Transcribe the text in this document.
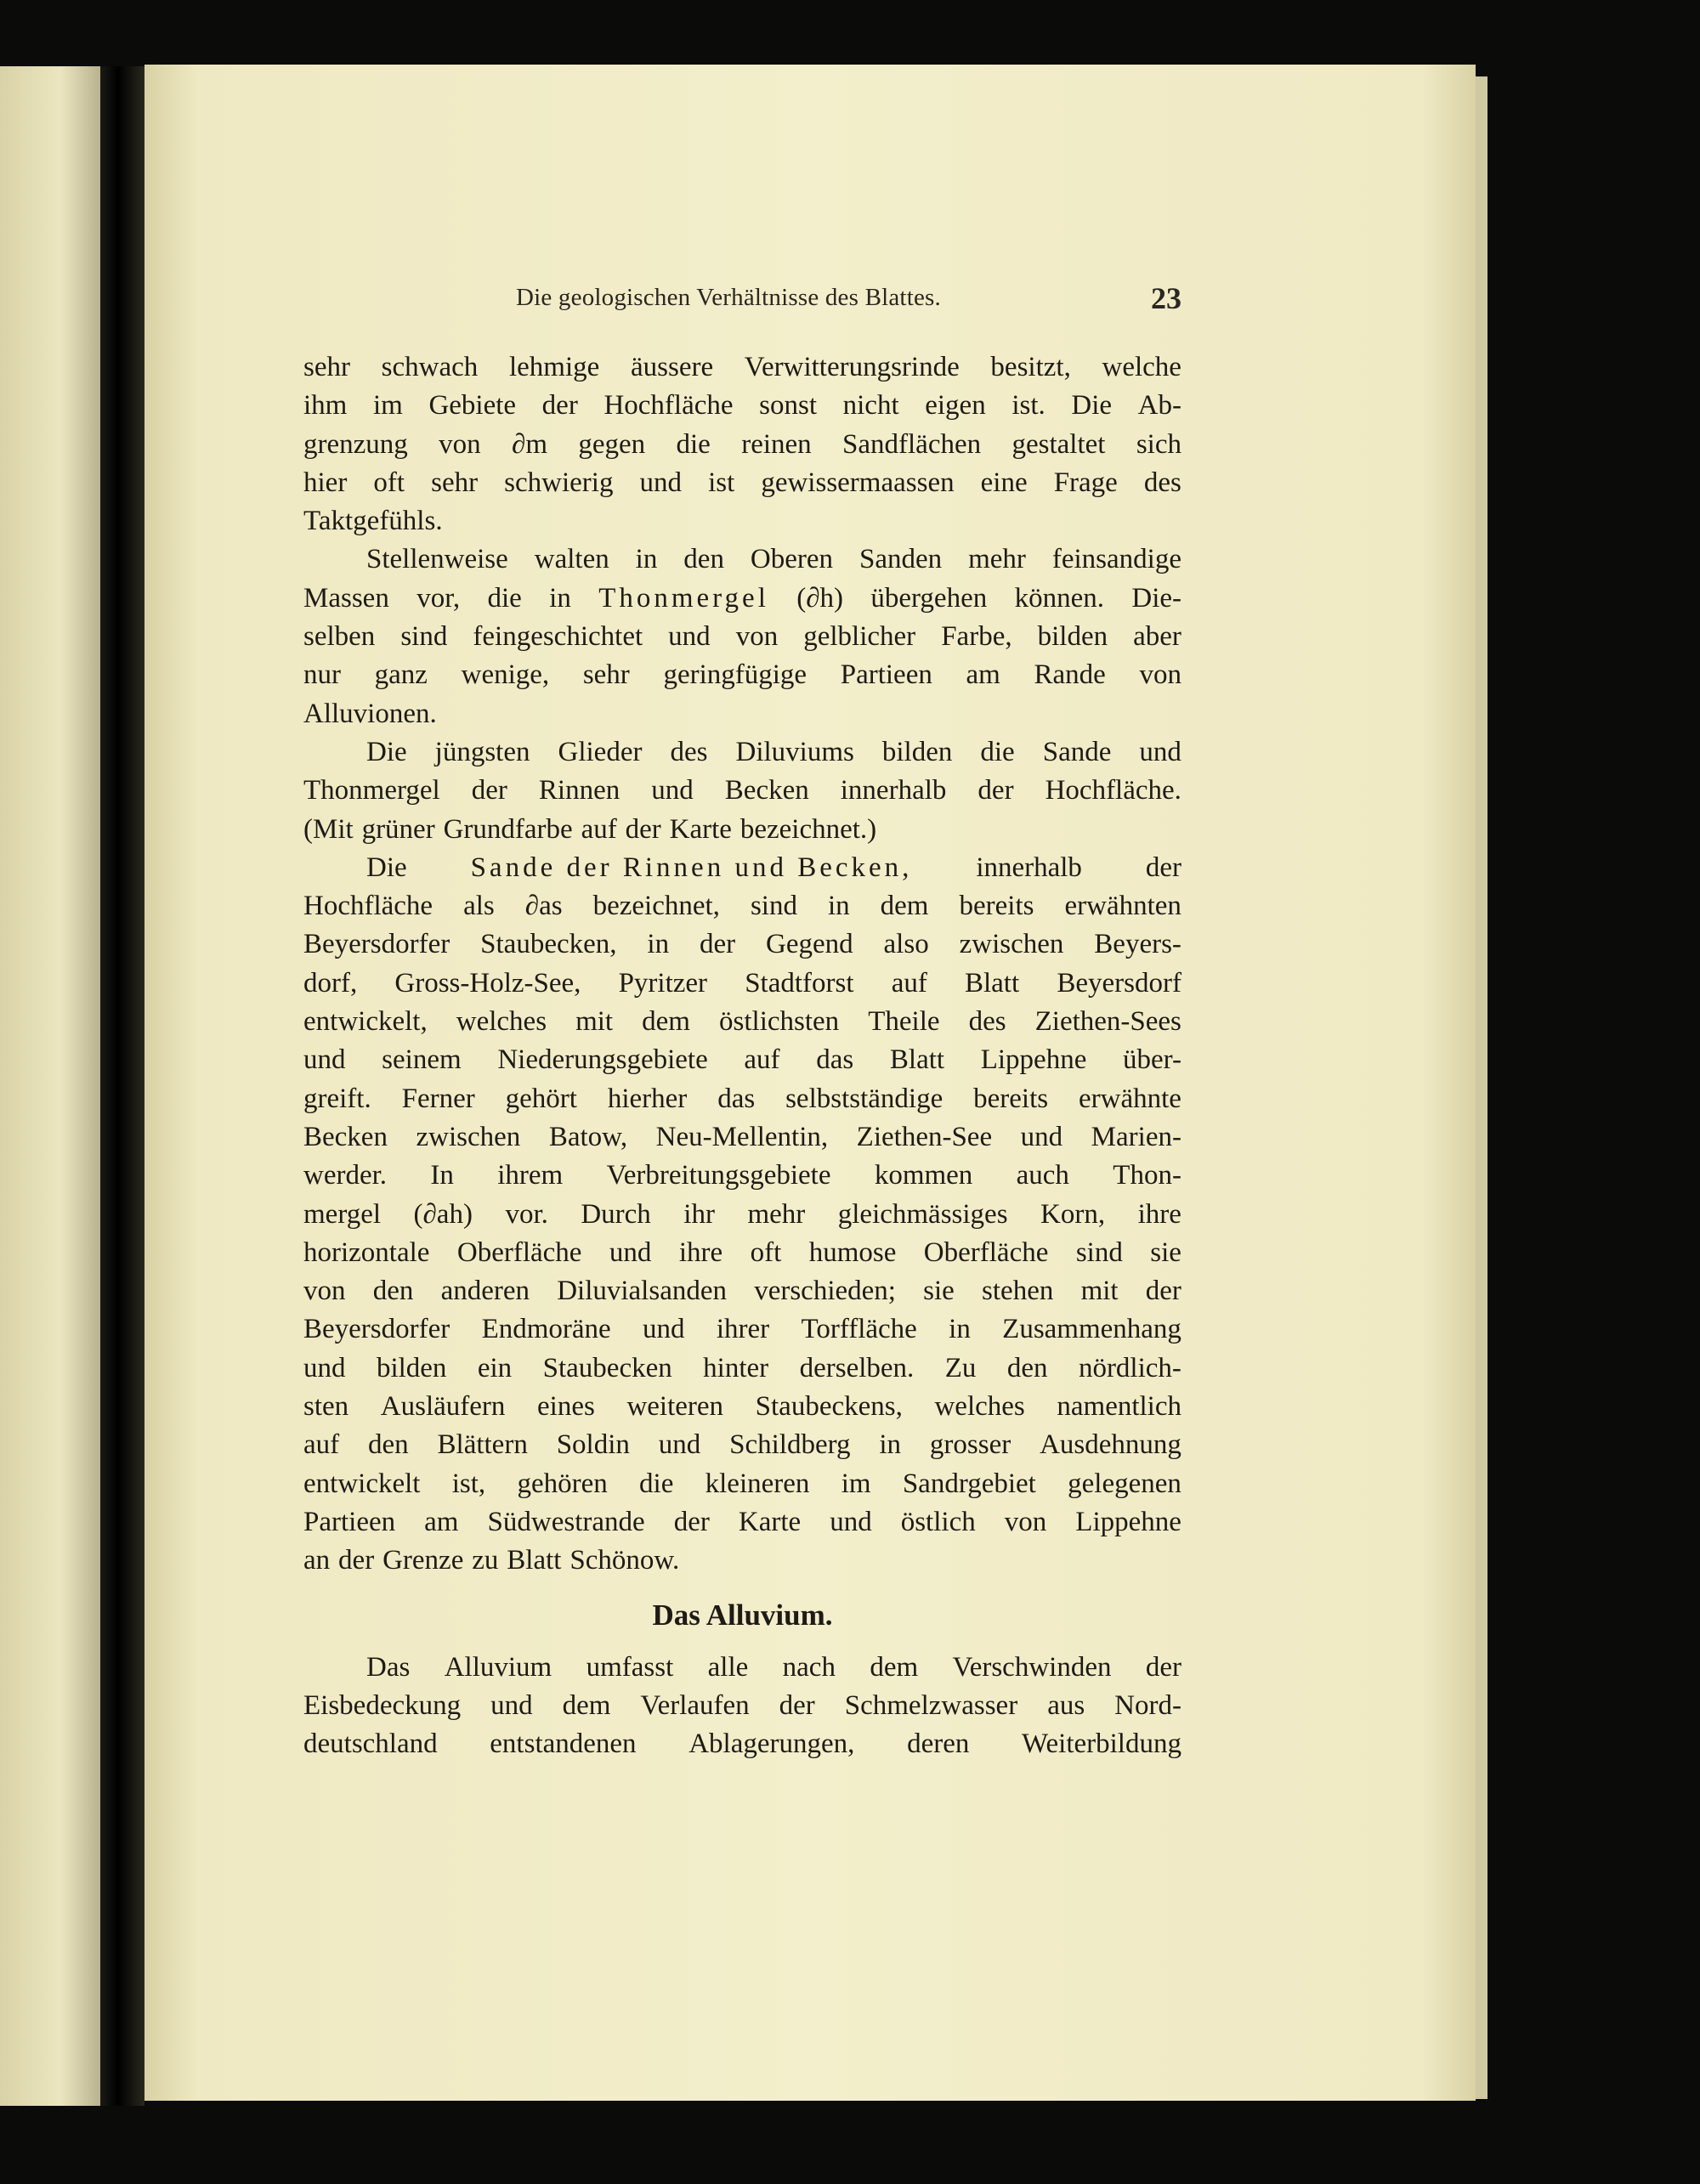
Die geologischen Verhältnisse des Blattes.	23
sehr schwach lehmige äussere Verwitterungsrinde besitzt, welche
ihm im Gebiete der Hochfläche sonst nicht eigen ist. Die Ab-
grenzung von ∂m gegen die reinen Sandflächen gestaltet sich
hier oft sehr schwierig und ist gewissermaassen eine Frage des
Taktgefühls.
Stellenweise walten in den Oberen Sanden mehr feinsandige
Massen vor, die in Thonmergel (∂h) übergehen können. Die-
selben sind feingeschichtet und von gelblicher Farbe, bilden aber
nur ganz wenige, sehr geringfügige Partieen am Rande von
Alluvionen.
Die jüngsten Glieder des Diluviums bilden die Sande und
Thonmergel der Rinnen und Becken innerhalb der Hochfläche.
(Mit grüner Grundfarbe auf der Karte bezeichnet.)
Die Sande der Rinnen und Becken, innerhalb der
Hochfläche als ∂as bezeichnet, sind in dem bereits erwähnten
Beyersdorfer Staubecken, in der Gegend also zwischen Beyers-
dorf, Gross-Holz-See, Pyritzer Stadtforst auf Blatt Beyersdorf
entwickelt, welches mit dem östlichsten Theile des Ziethen-Sees
und seinem Niederungsgebiete auf das Blatt Lippehne über-
greift. Ferner gehört hierher das selbstständige bereits erwähnte
Becken zwischen Batow, Neu-Mellentin, Ziethen-See und Marien-
werder. In ihrem Verbreitungsgebiete kommen auch Thon-
mergel (∂ah) vor. Durch ihr mehr gleichmässiges Korn, ihre
horizontale Oberfläche und ihre oft humose Oberfläche sind sie
von den anderen Diluvialsanden verschieden; sie stehen mit der
Beyersdorfer Endmoräne und ihrer Torffläche in Zusammenhang
und bilden ein Staubecken hinter derselben. Zu den nördlich-
sten Ausläufern eines weiteren Staubeckens, welches namentlich
auf den Blättern Soldin und Schildberg in grosser Ausdehnung
entwickelt ist, gehören die kleineren im Sandrgebiet gelegenen
Partieen am Südwestrande der Karte und östlich von Lippehne
an der Grenze zu Blatt Schönow.
Das Alluvium.
Das Alluvium umfasst alle nach dem Verschwinden der
Eisbedeckung und dem Verlaufen der Schmelzwasser aus Nord-
deutschland entstandenen Ablagerungen, deren Weiterbildung
